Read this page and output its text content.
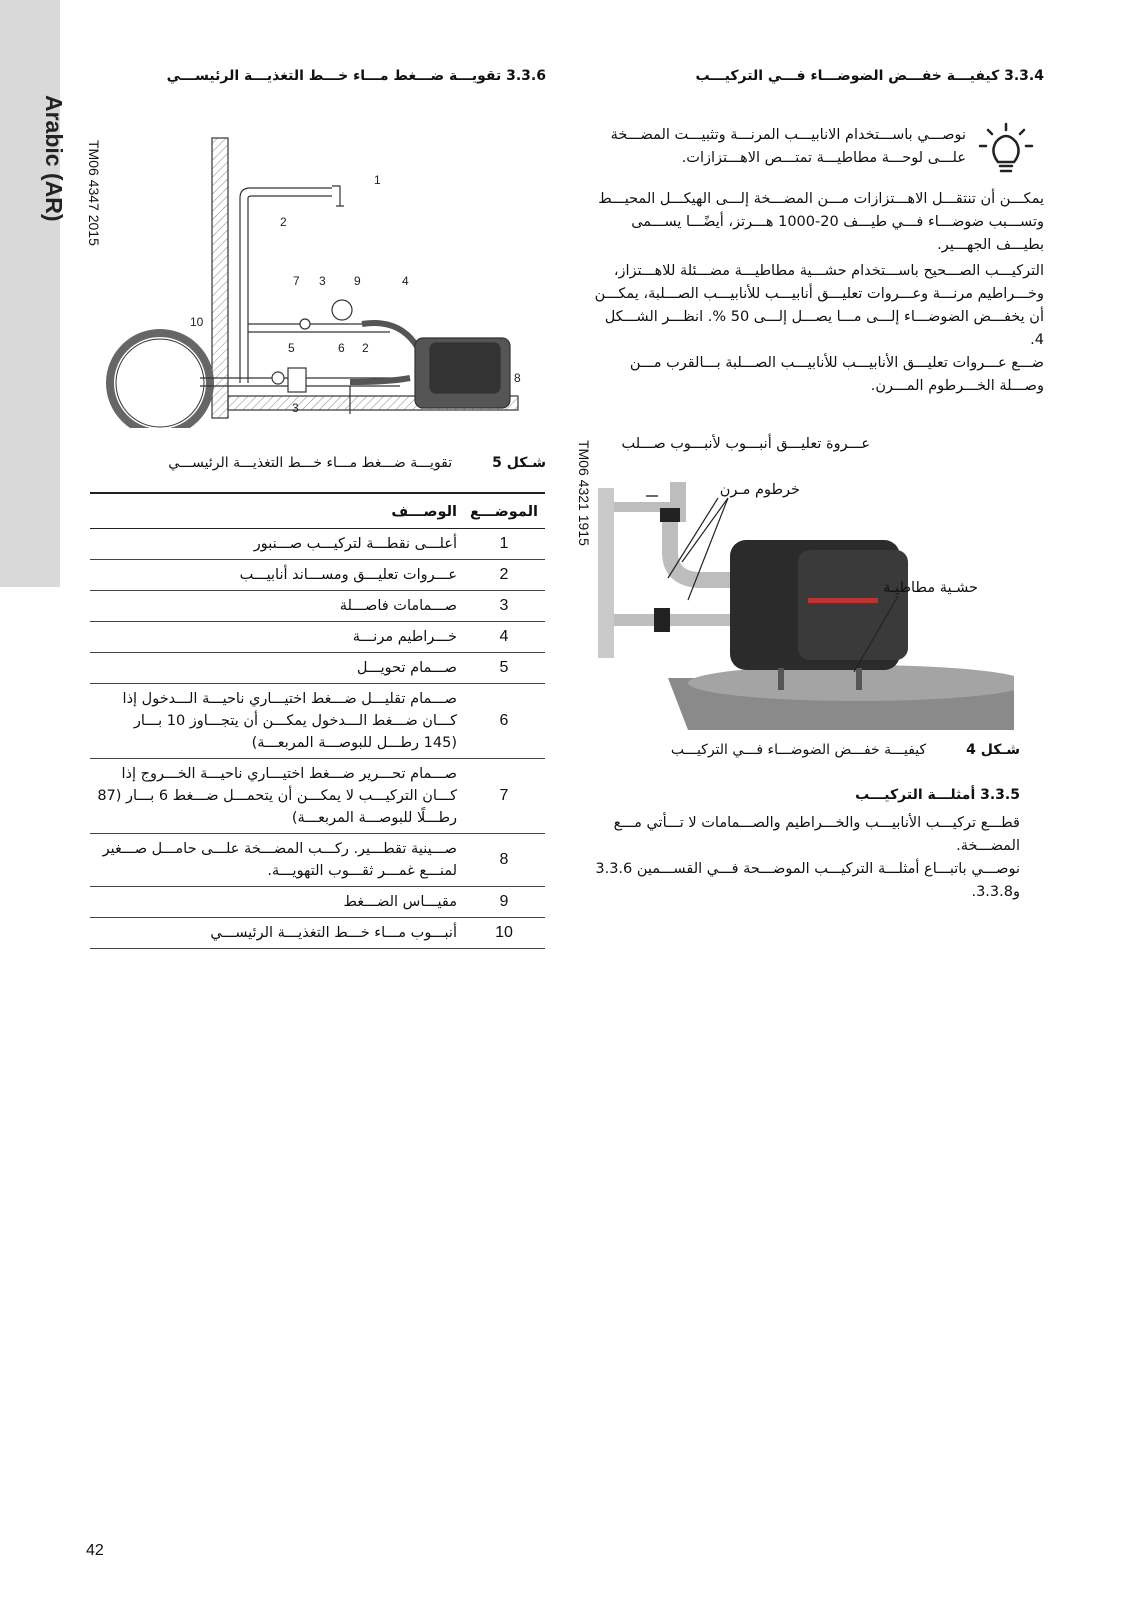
Arabic (AR)
3.3.6 تقويـــة ضـــغط مـــاء خـــط التغذيـــة الرئيســـي
TM06 4347 2015	1
2
7 3 9	4
10
5	6 2
8
3
شـكل 5تقويـــة ضـــغط مـــاء خـــط التغذيـــة الرئيســـي
الموضـــع	الوصـــف
1	أعلـــى نقطـــة لتركيـــب صـــنبور
2	عـــروات تعليـــق ومســـاند أنابيـــب
3	صـــمامات فاصـــلة
4	خـــراطيم مرنـــة
5	صـــمام تحويـــل
6	صـــمام تقليـــل ضـــغط اختيـــاري ناحيـــة الـــدخول إذا كـــان ضـــغط الـــدخول يمكـــن أن يتجـــاوز 10 بـــار (145 رطـــل للبوصـــة المربعـــة)
7	صـــمام تحـــرير ضـــغط اختيـــاري ناحيـــة الخـــروج إذا كـــان التركيـــب لا يمكـــن أن يتحمـــل ضـــغط 6 بـــار (87 رطـــلًا للبوصـــة المربعـــة)
8	صـــينية تقطـــير. ركـــب المضـــخة علـــى حامـــل صـــغير لمنـــع غمـــر ثقـــوب التهويـــة.
9	مقيـــاس الضـــغط
10	أنبـــوب مـــاء خـــط التغذيـــة الرئيســـي
3.3.4 كيفيـــة خفـــض الضوضـــاء فـــي التركيـــب
نوصـــي باســـتخدام الانابيـــب المرنـــة وتثبيـــت المضـــخة علـــى لوحـــة مطاطيـــة تمتـــص الاهـــتزازات.
يمكـــن أن تنتقـــل الاهـــتزازات مـــن المضـــخة إلـــى الهيكـــل المحيـــط وتســـبب ضوضـــاء فـــي طيـــف 20-1000 هـــرتز، أيضًـــا يســـمى بطيـــف الجهـــير.
التركيـــب الصـــحيح باســـتخدام حشـــية مطاطيـــة مضـــئلة للاهـــتزاز، وخـــراطيم مرنـــة وعـــروات تعليـــق أنابيـــب للأنابيـــب الصـــلبة، يمكـــن أن يخفـــض الضوضـــاء إلـــى مـــا يصـــل إلـــى 50 %. انظـــر الشـــكل 4.
ضـــع عـــروات تعليـــق الأنابيـــب للأنابيـــب الصـــلبة بـــالقرب مـــن وصـــلة الخـــرطوم المـــرن.
TM06 4321 1915 عـــروة تعليـــق أنبـــوب لأنبـــوب صـــلب
خرطوم مـرن
حشـية مطاطيـة
شـكل 4كيفيـــة خفـــض الضوضـــاء فـــي التركيـــب
3.3.5 أمثلـــة التركيـــب
قطـــع تركيـــب الأنابيـــب والخـــراطيم والصـــمامات لا تـــأتي مـــع المضـــخة.
نوصـــي باتبـــاع أمثلـــة التركيـــب الموضـــحة فـــي القســـمين 3.3.6 و3.3.8.
42
